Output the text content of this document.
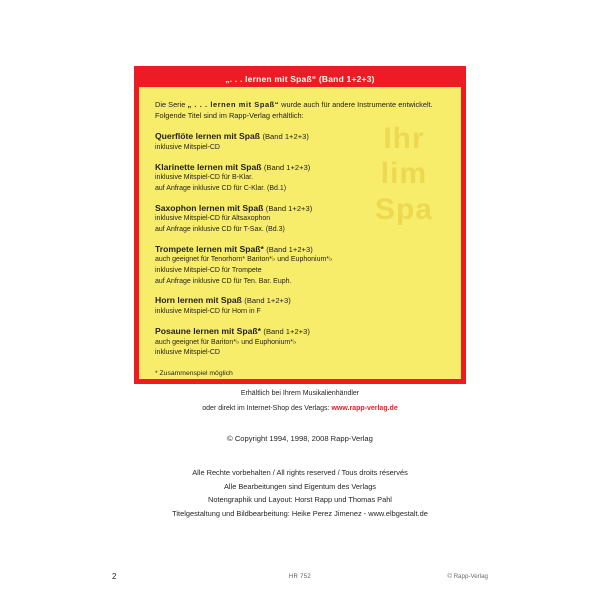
„. . . lernen mit Spaß“ (Band 1+2+3)
Ihr
lim
Spa

Die Serie „ . . . lernen mit Spaß“ wurde auch für andere Instrumente entwickelt.
Folgende Titel sind im Rapp-Verlag erhältlich:

Querflöte lernen mit Spaß (Band 1+2+3)

inklusive Mitspiel-CD

Klarinette lernen mit Spaß (Band 1+2+3)

inklusive Mitspiel-CD für B-Klar.

auf Anfrage inklusive CD für C-Klar. (Bd.1)

Saxophon lernen mit Spaß (Band 1+2+3)

inklusive Mitspiel-CD für Altsaxophon

auf Anfrage inklusive CD für T-Sax. (Bd.3)

Trompete lernen mit Spaß* (Band 1+2+3)

auch geeignet für Tenorhorn* Bariton*♭ und Euphonium*♭

inklusive Mitspiel-CD für Trompete

auf Anfrage inklusive CD für Ten. Bar. Euph.

Horn lernen mit Spaß (Band 1+2+3)

inklusive Mitspiel-CD für Horn in F

Posaune lernen mit Spaß* (Band 1+2+3)

auch geeignet für Bariton*♭ und Euphonium*♭

inklusive Mitspiel-CD

* Zusammenspiel möglich

Erhältlich bei Ihrem Musikalienhändler

oder direkt im Internet-Shop des Verlags: www.rapp-verlag.de

© Copyright 1994, 1998, 2008 Rapp-Verlag

Alle Rechte vorbehalten / All rights reserved / Tous droits réservés

Alle Bearbeitungen sind Eigentum des Verlags

Notengraphik und Layout: Horst Rapp und Thomas Pahl

Titelgestaltung und Bildbearbeitung: Heike Perez Jimenez - www.elbgestalt.de

2	HR 752	© Rapp-Verlag
